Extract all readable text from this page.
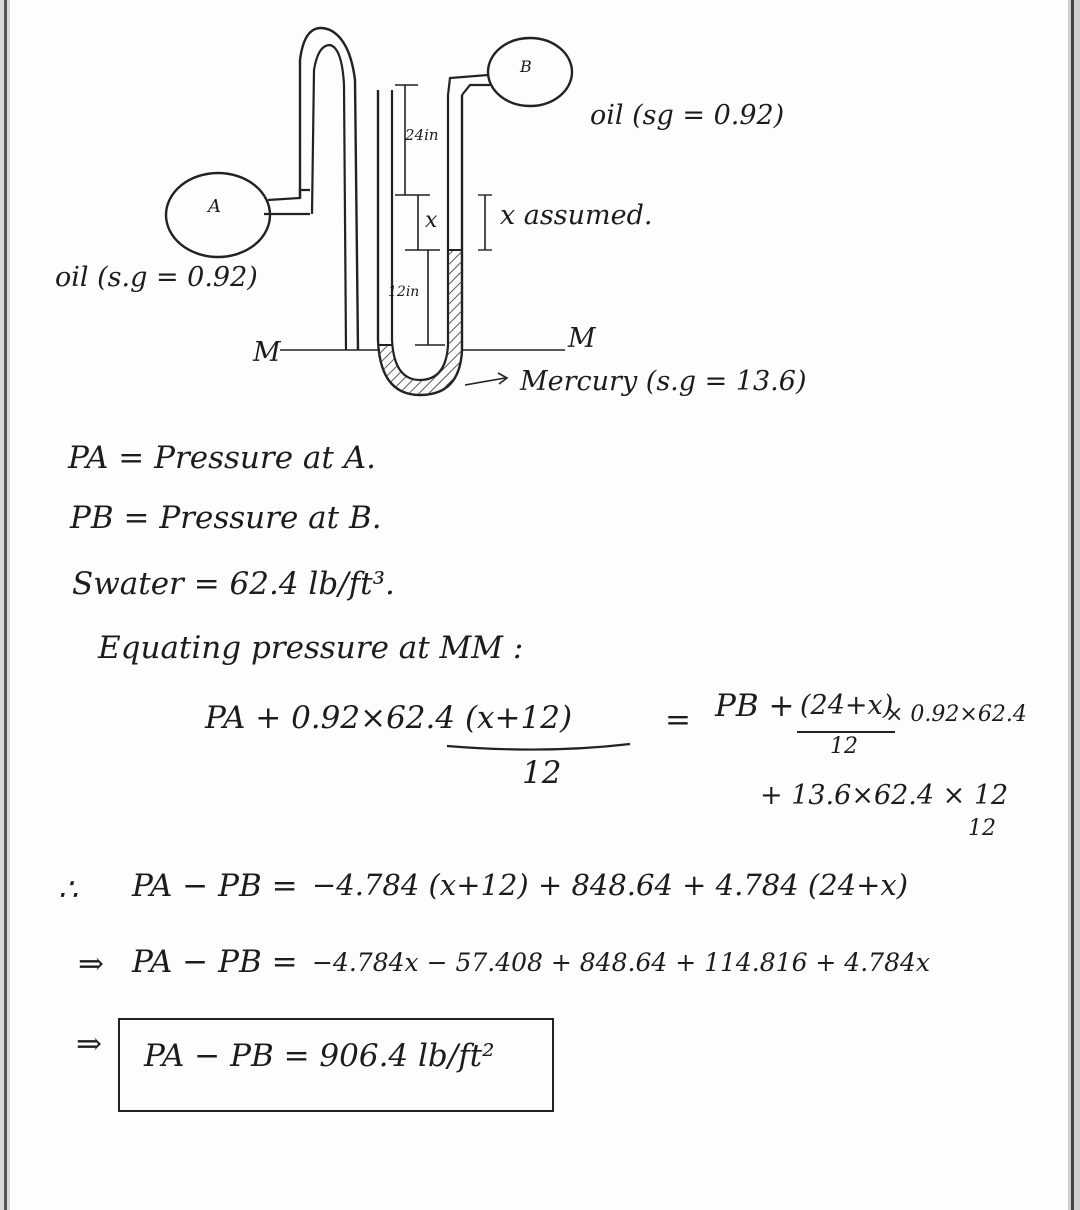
A
B
24in
x
12in
x assumed.
oil (sg = 0.92)
oil (s.g = 0.92)
M	M
Mercury (s.g = 13.6)
PA = Pressure at A.
PB = Pressure at B.
Swater = 62.4 lb/ft³.
Equating pressure at MM :
PA + 0.92×62.4 (x+12)
12
= PB + (24+x)
× 0.92×62.4
12
+ 13.6×62.4 × 12
12
∴ PA − PB = −4.784 (x+12) + 848.64 + 4.784 (24+x)
⇒ PA − PB = −4.784x − 57.408 + 848.64 + 114.816 + 4.784x
⇒ PA − PB = 906.4 lb/ft²
